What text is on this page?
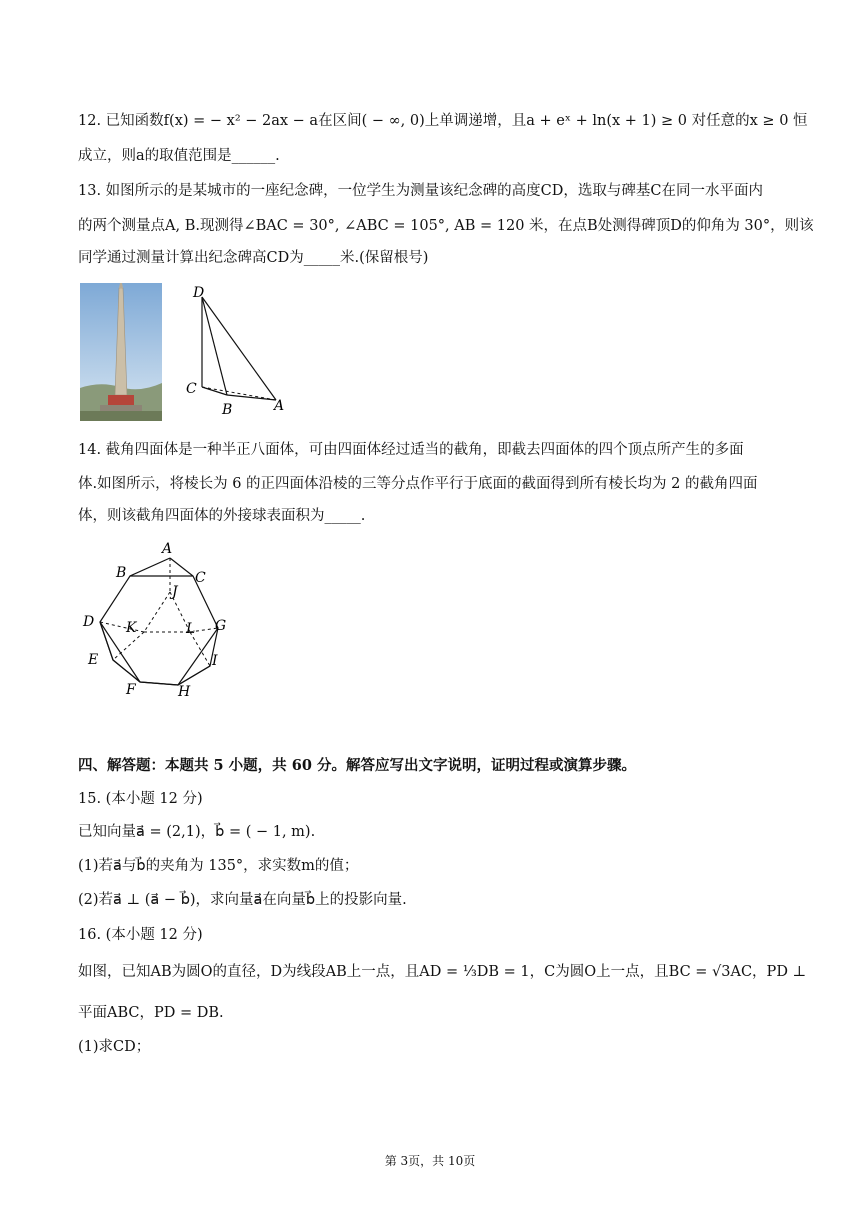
12. 已知函数f(x) = − x² − 2ax − a在区间( − ∞, 0)上单调递增，且a + eˣ + ln(x + 1) ≥ 0 对任意的x ≥ 0 恒
成立，则a的取值范围是______.
13. 如图所示的是某城市的一座纪念碑，一位学生为测量该纪念碑的高度CD，选取与碑基C在同一水平面内
的两个测量点A, B.现测得∠BAC = 30°, ∠ABC = 105°, AB = 120 米，在点B处测得碑顶D的仰角为 30°，则该
同学通过测量计算出纪念碑高CD为_____米.(保留根号)
D
C
B	A
14. 截角四面体是一种半正八面体，可由四面体经过适当的截角，即截去四面体的四个顶点所产生的多面
体.如图所示，将棱长为 6 的正四面体沿棱的三等分点作平行于底面的截面得到所有棱长均为 2 的截角四面
体，则该截角四面体的外接球表面积为_____.
A
B	C
D
E
F
G
H
I
J
K	L
四、解答题：本题共 5 小题，共 60 分。解答应写出文字说明，证明过程或演算步骤。
15. (本小题 12 分)
已知向量a⃗ = (2,1)，b⃗ = ( − 1, m).
(1)若a⃗与b⃗的夹角为 135°，求实数m的值；
(2)若a⃗ ⊥ (a⃗ − b⃗)，求向量a⃗在向量b⃗上的投影向量.
16. (本小题 12 分)
如图，已知AB为圆O的直径，D为线段AB上一点，且AD = ⅓DB = 1，C为圆O上一点，且BC = √3AC，PD ⊥
平面ABC，PD = DB.
(1)求CD；
第 3页，共 10页
